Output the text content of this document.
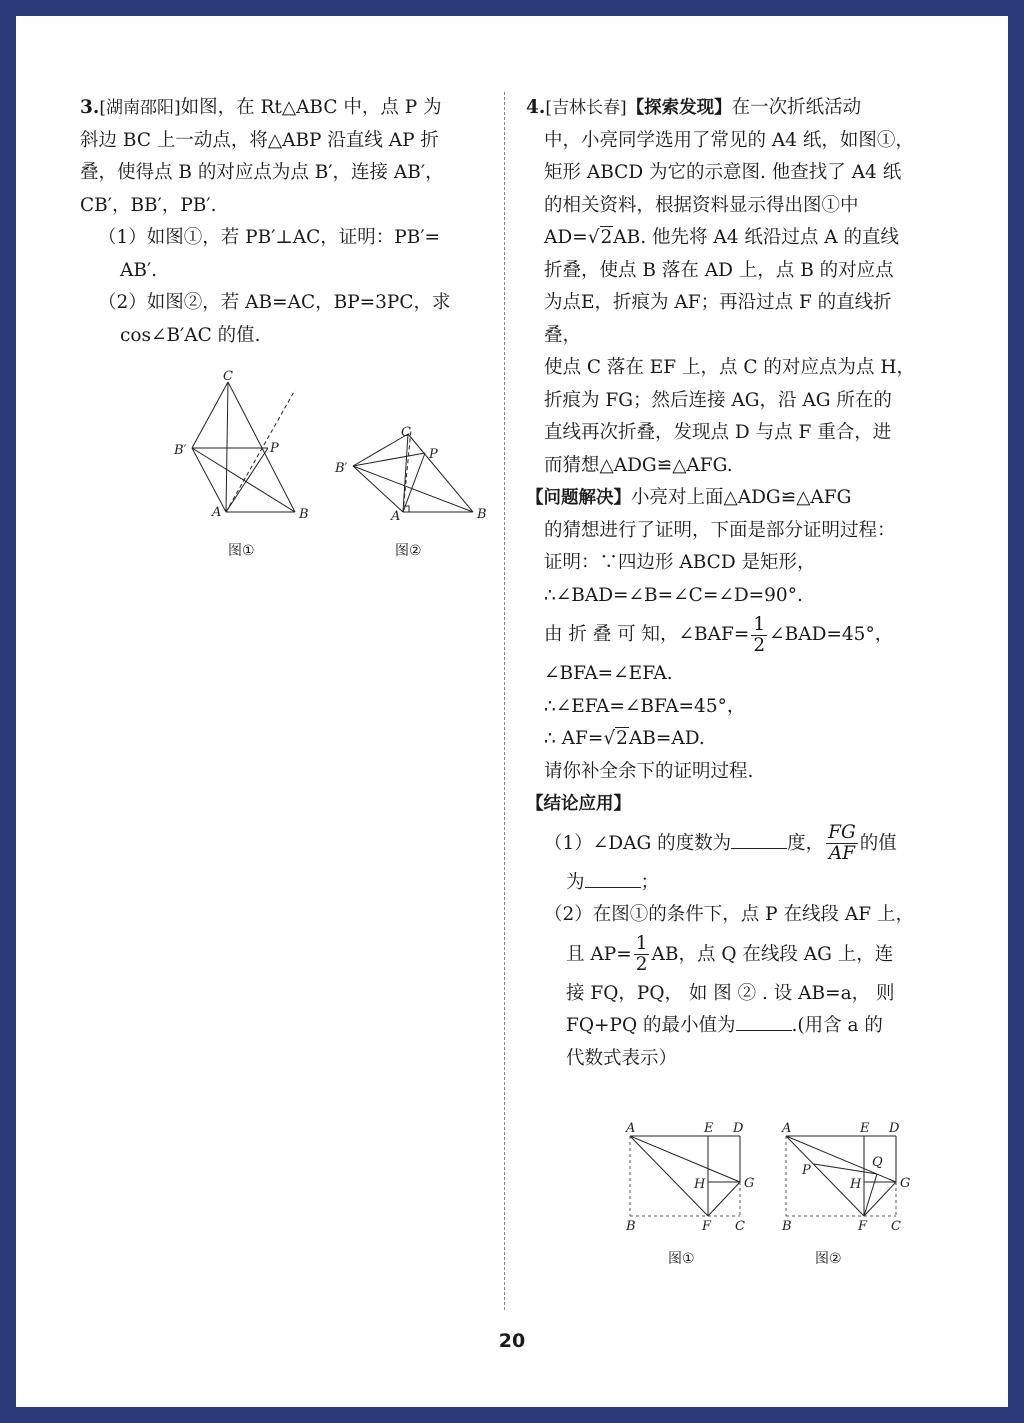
3.[湖南邵阳]如图，在 Rt△ABC 中，点 P 为

斜边 BC 上一动点，将△ABP 沿直线 AP 折

叠，使得点 B 的对应点为点 B′，连接 AB′，

CB′，BB′，PB′.

（1）如图①，若 PB′⊥AC，证明：PB′=

AB′.

（2）如图②，若 AB=AC，BP=3PC，求

cos∠B′AC 的值.

C
B′	P
A	B
图①
C
B′
P
A	B
图②

4.[吉林长春]【探索发现】在一次折纸活动

中，小亮同学选用了常见的 A4 纸，如图①，

矩形 ABCD 为它的示意图. 他查找了 A4 纸

的相关资料，根据资料显示得出图①中

AD=√2AB. 他先将 A4 纸沿过点 A 的直线

折叠，使点 B 落在 AD 上，点 B 的对应点

为点E，折痕为 AF；再沿过点 F 的直线折叠，

使点 C 落在 EF 上，点 C 的对应点为点 H，

折痕为 FG；然后连接 AG，沿 AG 所在的

直线再次折叠，发现点 D 与点 F 重合，进

而猜想△ADG≌△AFG.

【问题解决】小亮对上面△ADG≌△AFG

的猜想进行了证明，下面是部分证明过程：

证明：∵四边形 ABCD 是矩形，

∴∠BAD=∠B=∠C=∠D=90°.

由 折 叠 可 知，∠BAF= $\frac{1}{2}$ ∠BAD=45°，

∠BFA=∠EFA.

∴∠EFA=∠BFA=45°，

∴ AF=√2AB=AD.

请你补全余下的证明过程.

【结论应用】

（1）∠DAG 的度数为	度， $\frac{FG}{AF}$ 的值

为	；

（2）在图①的条件下，点 P 在线段 AF 上，

且 $AP= \frac{1}{2}$ AB，点 Q 在线段 AG 上，连

接 FQ，PQ， 如 图 ② . 设 AB=a， 则

FQ+PQ 的最小值为	.(用含 a 的

代数式表示）

A	E D
H	G
B	F C
图①
A	E D
Q
P
H	G
B	F C
图②
20
